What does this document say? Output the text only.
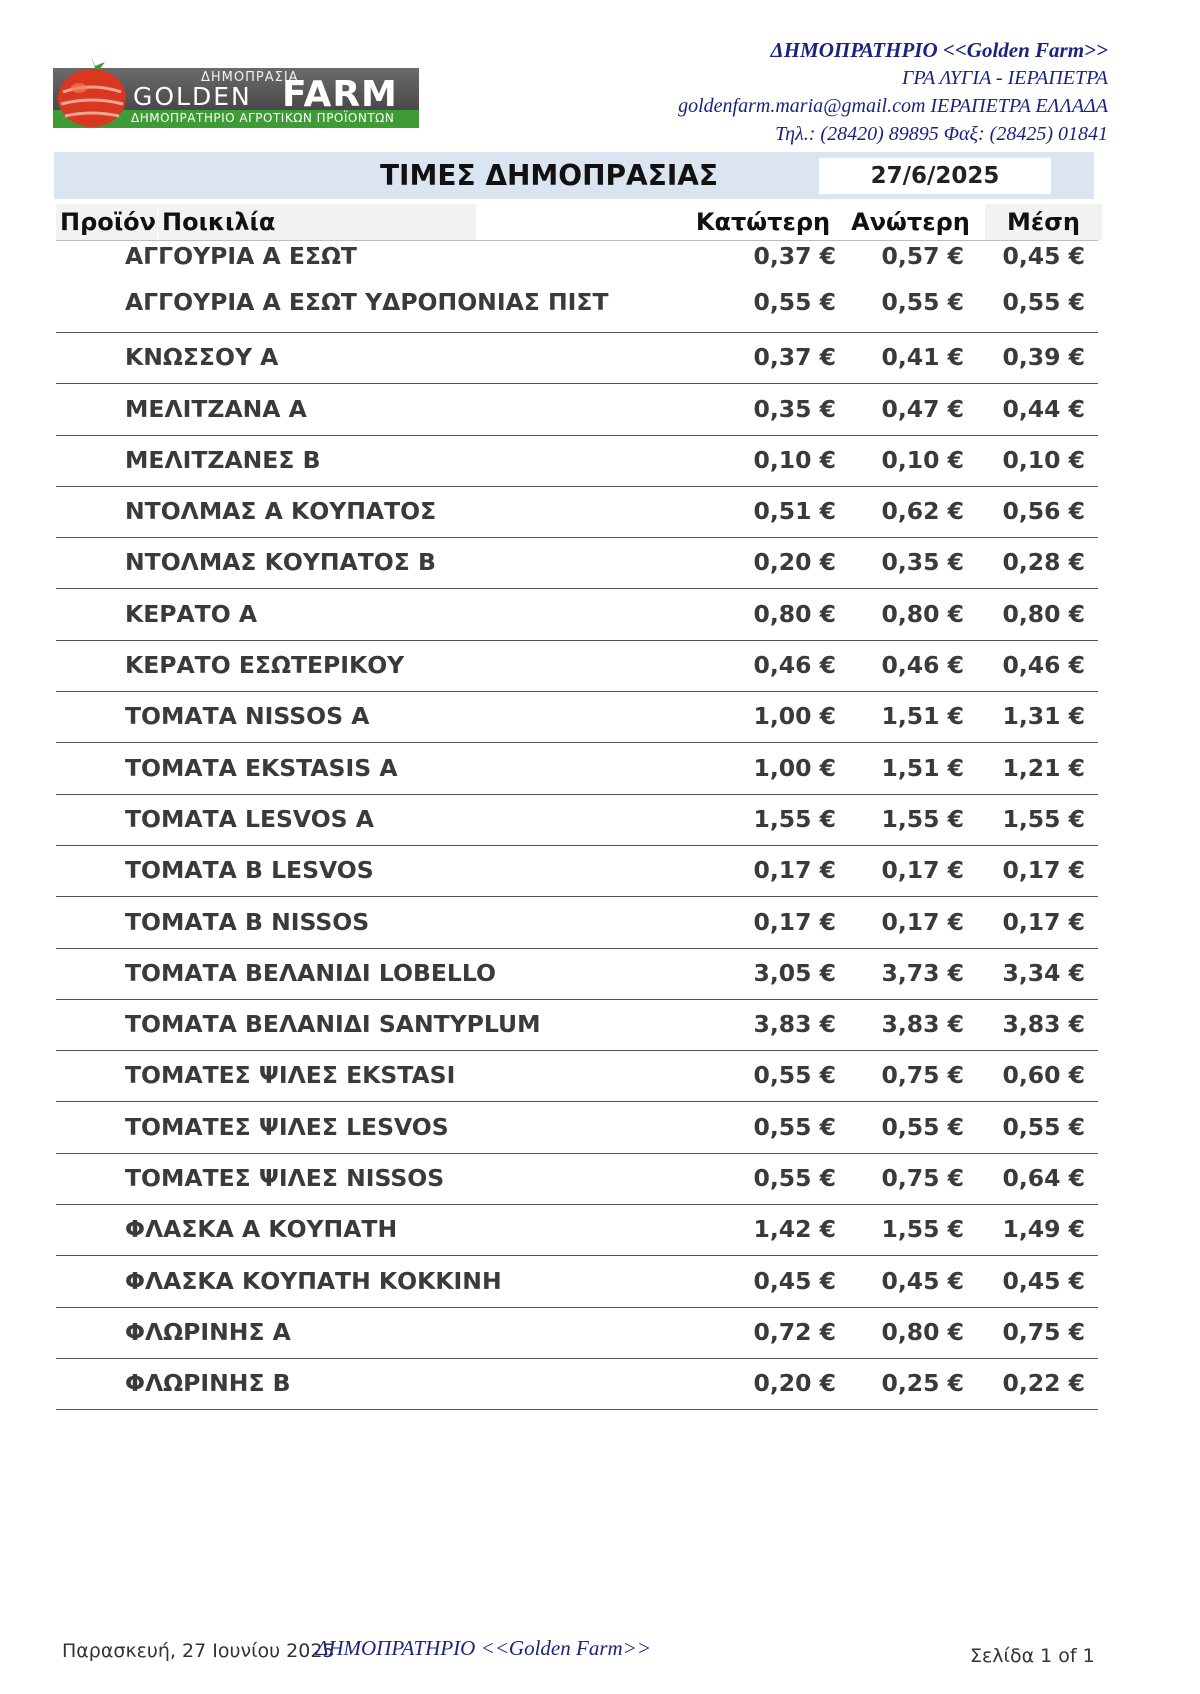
ΔΗΜΟΠΡΑΣΙΑ
GOLDEN FARM
ΔΗΜΟΠΡΑΤΗΡΙΟ ΑΓΡΟΤΙΚΩΝ ΠΡΟΪΟΝΤΩΝ
ΔΗΜΟΠΡΑΤΗΡΙΟ <<Golden Farm>>
ΓΡΑ ΛΥΓΙΑ - ΙΕΡΑΠΕΤΡΑ
goldenfarm.maria@gmail.com ΙΕΡΑΠΕΤΡΑ ΕΛΛΑΔΑ
Τηλ.: (28420) 89895 Φαξ: (28425) 01841
ΤΙΜΕΣ ΔΗΜΟΠΡΑΣΙΑΣ	27/6/2025
Προϊόν Ποικιλία	Κατώτερη Ανώτερη	Μέση
ΑΓΓΟΥΡΙΑ Α ΕΣΩΤ	0,37 € 0,57 € 0,45 €
ΑΓΓΟΥΡΙΑ Α ΕΣΩΤ ΥΔΡΟΠΟΝΙΑΣ ΠΙΣΤ	0,55 € 0,55 € 0,55 €
ΚΝΩΣΣΟΥ Α	0,37 € 0,41 € 0,39 €
ΜΕΛΙΤΖΑΝΑ Α	0,35 € 0,47 € 0,44 €
ΜΕΛΙΤΖΑΝΕΣ Β	0,10 € 0,10 € 0,10 €
ΝΤΟΛΜΑΣ Α ΚΟΥΠΑΤΟΣ	0,51 € 0,62 € 0,56 €
ΝΤΟΛΜΑΣ ΚΟΥΠΑΤΟΣ Β	0,20 € 0,35 € 0,28 €
ΚΕΡΑΤΟ Α	0,80 € 0,80 € 0,80 €
ΚΕΡΑΤΟ ΕΣΩΤΕΡΙΚΟΥ	0,46 € 0,46 € 0,46 €
ΤΟΜΑΤΑ NISSOS Α	1,00 € 1,51 € 1,31 €
ΤΟΜΑΤΑ EKSTASIS Α	1,00 € 1,51 € 1,21 €
ΤΟΜΑΤΑ LESVOS Α	1,55 € 1,55 € 1,55 €
ΤΟΜΑΤΑ Β LESVOS	0,17 € 0,17 € 0,17 €
ΤΟΜΑΤΑ Β NISSOS	0,17 € 0,17 € 0,17 €
ΤΟΜΑΤΑ ΒΕΛΑΝΙΔΙ LOBELLO	3,05 € 3,73 € 3,34 €
ΤΟΜΑΤΑ ΒΕΛΑΝΙΔΙ SANTYPLUM	3,83 € 3,83 € 3,83 €
ΤΟΜΑΤΕΣ ΨΙΛΕΣ EKSTASI	0,55 € 0,75 € 0,60 €
ΤΟΜΑΤΕΣ ΨΙΛΕΣ LESVOS	0,55 € 0,55 € 0,55 €
ΤΟΜΑΤΕΣ ΨΙΛΕΣ NISSOS	0,55 € 0,75 € 0,64 €
ΦΛΑΣΚΑ Α ΚΟΥΠΑΤΗ	1,42 € 1,55 € 1,49 €
ΦΛΑΣΚΑ ΚΟΥΠΑΤΗ ΚΟΚΚΙΝΗ	0,45 € 0,45 € 0,45 €
ΦΛΩΡΙΝΗΣ Α	0,72 € 0,80 € 0,75 €
ΦΛΩΡΙΝΗΣ Β	0,20 € 0,25 € 0,22 €
Παρασκευή, 27 Ιουνίου 2025
ΔΗΜΟΠΡΑΤΗΡΙΟ <<Golden Farm>>	Σελίδα 1 of 1
